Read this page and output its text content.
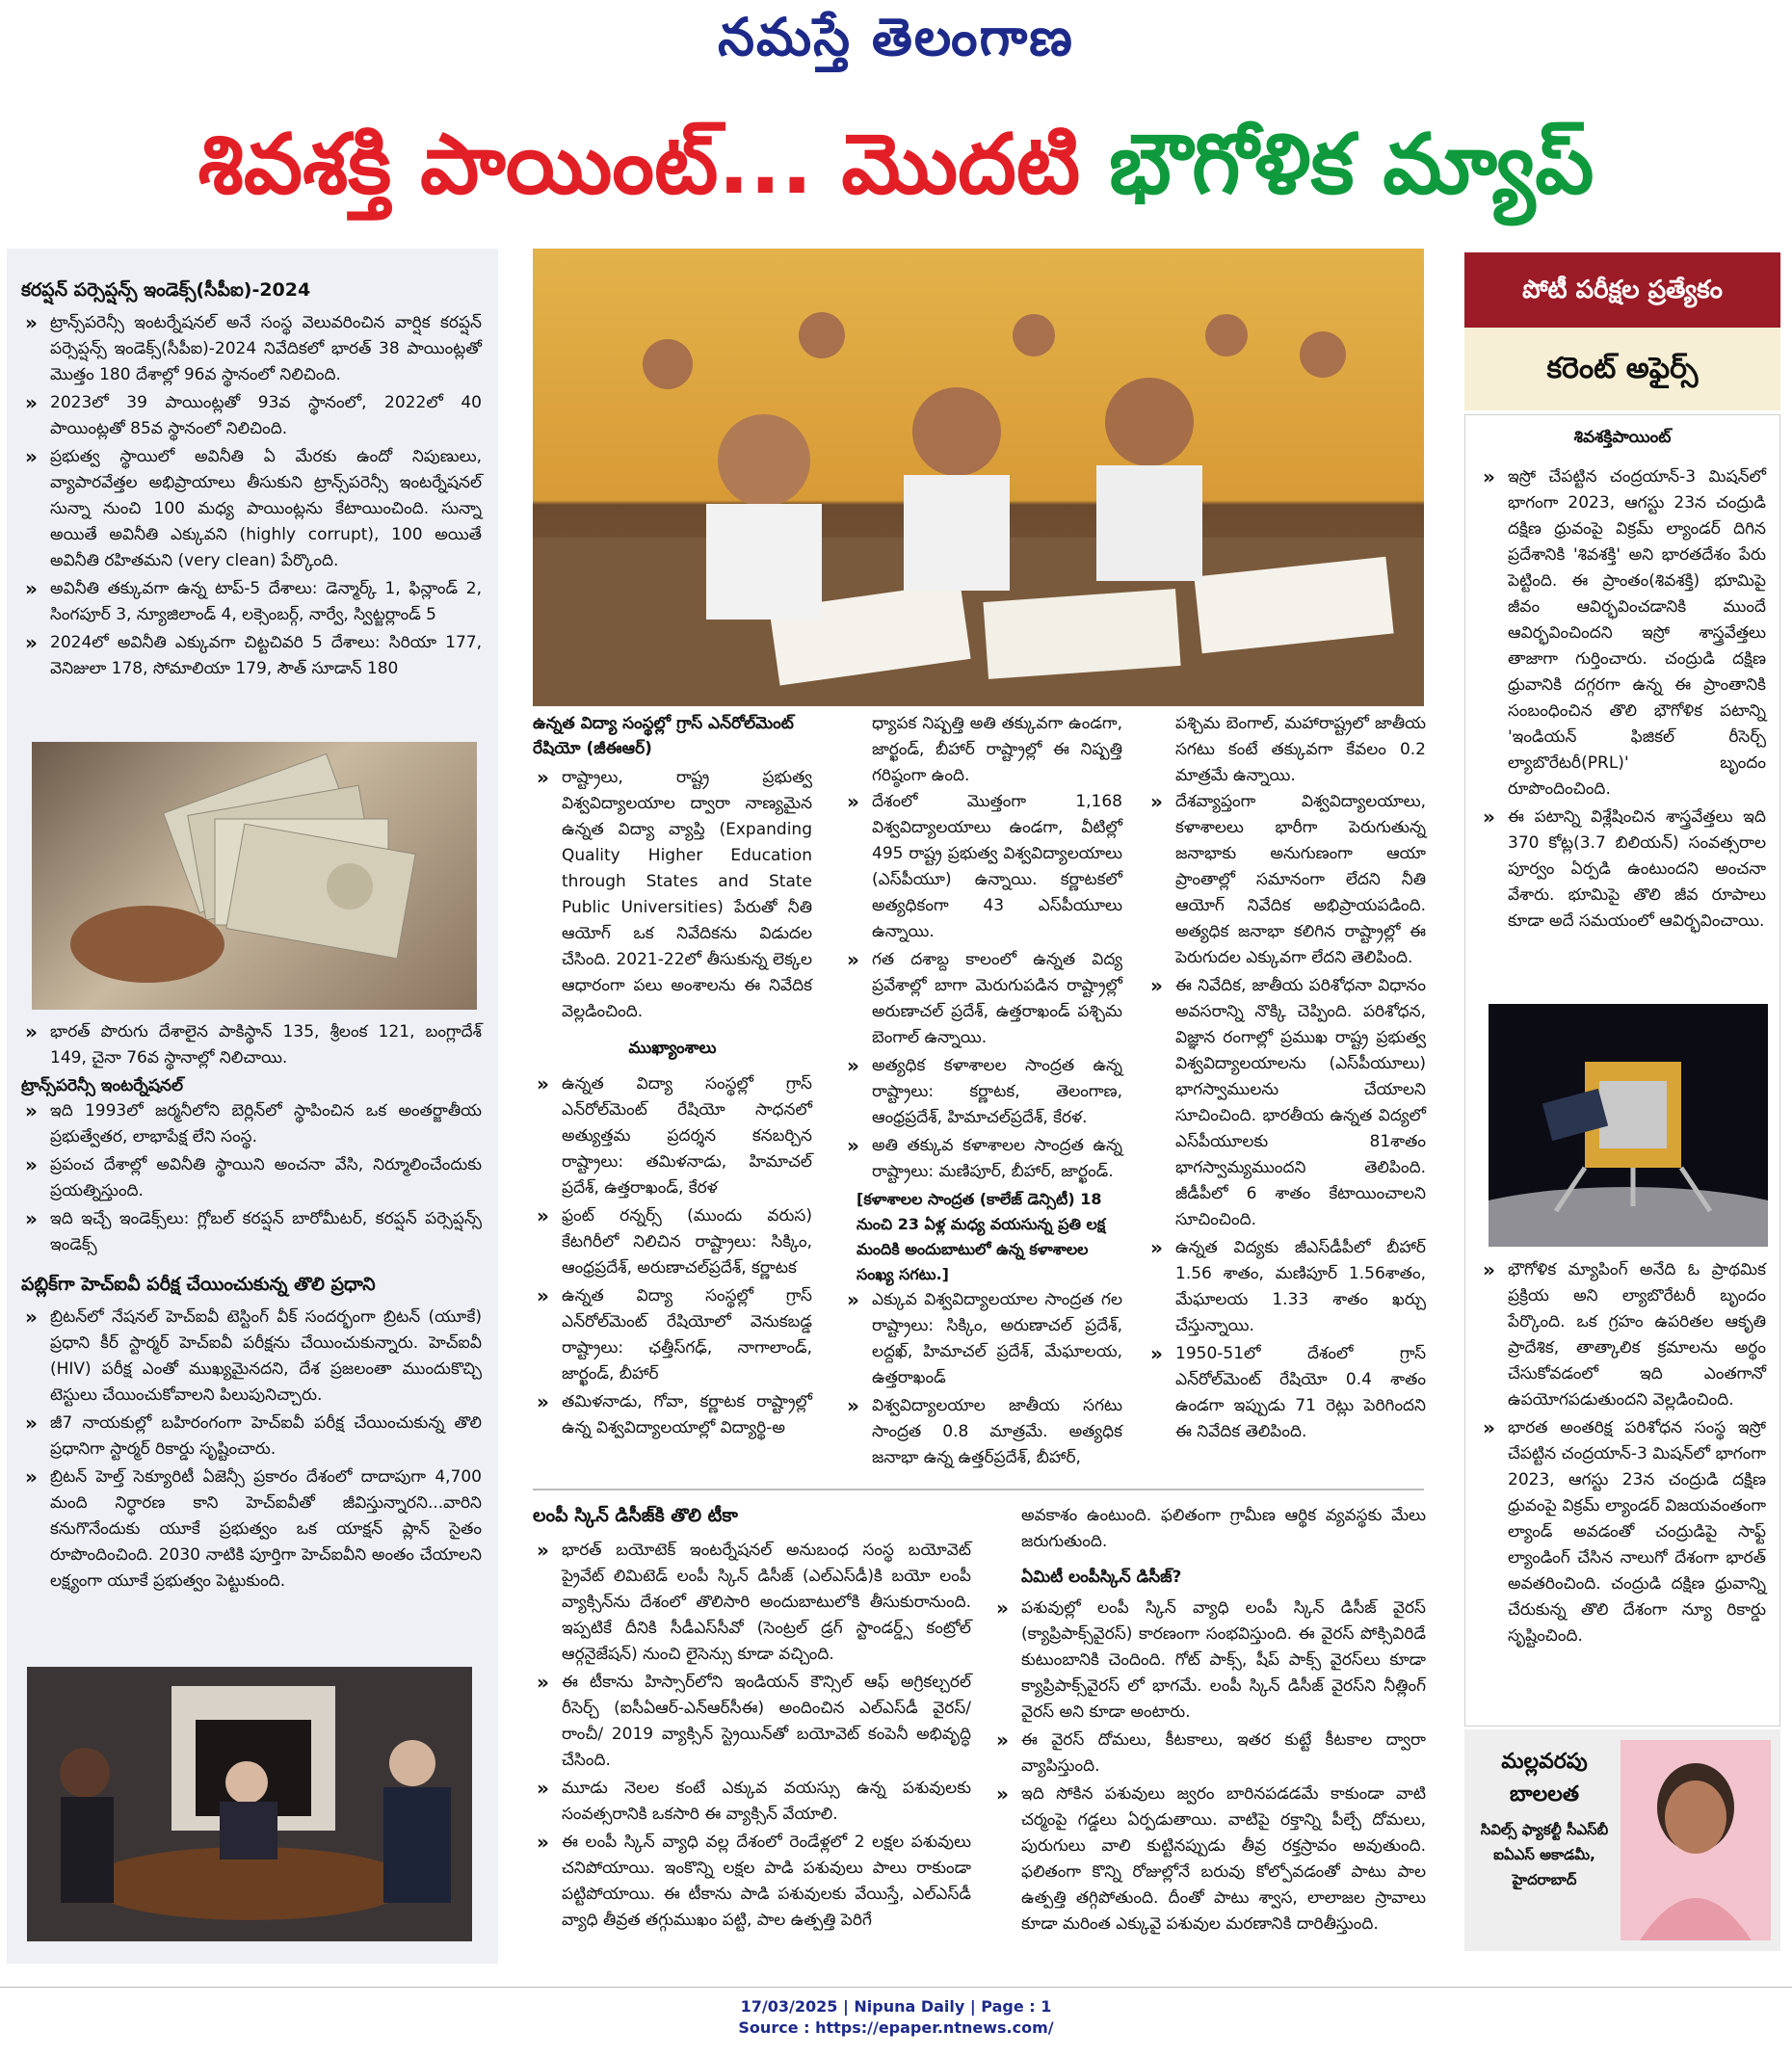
నమస్తే తెలంగాణ
శివశక్తి పాయింట్... మొదటి భౌగోళిక మ్యాప్
కరప్షన్ పర్సెప్షన్స్ ఇండెక్స్(సీపీఐ)-2024
» ట్రాన్స్‌పరెన్సీ ఇంటర్నేషనల్ అనే సంస్థ వెలువరించిన వార్షిక కరప్షన్ పర్సెప్షన్స్ ఇండెక్స్(సీపీఐ)-2024 నివేదికలో భారత్ 38 పాయింట్లతో మొత్తం 180 దేశాల్లో 96వ స్థానంలో నిలిచింది.
» 2023లో 39 పాయింట్లతో 93వ స్థానంలో, 2022లో 40 పాయింట్లతో 85వ స్థానంలో నిలిచింది.
» ప్రభుత్వ స్థాయిలో అవినీతి ఏ మేరకు ఉందో నిపుణులు, వ్యాపారవేత్తల అభిప్రాయాలు తీసుకుని ట్రాన్స్‌పరెన్సీ ఇంటర్నేషనల్ సున్నా నుంచి 100 మధ్య పాయింట్లను కేటాయించింది. సున్నా అయితే అవినీతి ఎక్కువని (highly corrupt), 100 అయితే అవినీతి రహితమని (very clean) పేర్కొంది.
» అవినీతి తక్కువగా ఉన్న టాప్-5 దేశాలు: డెన్మార్క్ 1, ఫిన్లాండ్ 2, సింగపూర్ 3, న్యూజిలాండ్ 4, లక్సెంబర్గ్, నార్వే, స్విట్జర్లాండ్ 5
» 2024లో అవినీతి ఎక్కువగా చిట్టచివరి 5 దేశాలు: సిరియా 177, వెనిజులా 178, సోమాలియా 179, సౌత్ సూడాన్ 180
» భారత్ పొరుగు దేశాలైన పాకిస్థాన్ 135, శ్రీలంక 121, బంగ్లాదేశ్ 149, చైనా 76వ స్థానాల్లో నిలిచాయి.
ట్రాన్స్‌పరెన్సీ ఇంటర్నేషనల్
» ఇది 1993లో జర్మనీలోని బెర్లిన్‌లో స్థాపించిన ఒక అంతర్జాతీయ ప్రభుత్వేతర, లాభాపేక్ష లేని సంస్థ.
» ప్రపంచ దేశాల్లో అవినీతి స్థాయిని అంచనా వేసి, నిర్మూలించేందుకు ప్రయత్నిస్తుంది.
» ఇది ఇచ్చే ఇండెక్స్‌లు: గ్లోబల్ కరప్షన్ బారోమీటర్, కరప్షన్ పర్సెప్షన్స్ ఇండెక్స్
పబ్లిక్‌గా హెచ్‌ఐవీ పరీక్ష చేయించుకున్న తొలి ప్రధాని
» బ్రిటన్‌లో నేషనల్ హెచ్‌ఐవీ టెస్టింగ్ వీక్ సందర్భంగా బ్రిటన్ (యూకే) ప్రధాని కీర్ స్టార్మర్ హెచ్‌ఐవీ పరీక్షను చేయించుకున్నారు. హెచ్‌ఐవీ (HIV) పరీక్ష ఎంతో ముఖ్యమైనదని, దేశ ప్రజలంతా ముందుకొచ్చి టెస్టులు చేయించుకోవాలని పిలుపునిచ్చారు.
» జీ7 నాయకుల్లో బహిరంగంగా హెచ్‌ఐవీ పరీక్ష చేయించుకున్న తొలి ప్రధానిగా స్టార్మర్ రికార్డు సృష్టించారు.
» బ్రిటన్ హెల్త్ సెక్యూరిటీ ఏజెన్సీ ప్రకారం దేశంలో దాదాపుగా 4,700 మంది నిర్ధారణ కాని హెచ్‌ఐవీతో జీవిస్తున్నారని...వారిని కనుగొనేందుకు యూకే ప్రభుత్వం ఒక యాక్షన్ ప్లాన్ సైతం రూపొందించింది. 2030 నాటికి పూర్తిగా హెచ్‌ఐవీని అంతం చేయాలని లక్ష్యంగా యూకే ప్రభుత్వం పెట్టుకుంది.
ఉన్నత విద్యా సంస్థల్లో గ్రాస్ ఎన్‌రోల్‌మెంట్ రేషియో (జీఈఆర్)
» రాష్ట్రాలు, రాష్ట్ర ప్రభుత్వ విశ్వవిద్యాలయాల ద్వారా నాణ్యమైన ఉన్నత విద్యా వ్యాప్తి (Expanding Quality Higher Education through States and State Public Universities) పేరుతో నీతి ఆయోగ్ ఒక నివేదికను విడుదల చేసింది. 2021-22లో తీసుకున్న లెక్కల ఆధారంగా పలు అంశాలను ఈ నివేదిక వెల్లడించింది.
ముఖ్యాంశాలు
» ఉన్నత విద్యా సంస్థల్లో గ్రాస్ ఎన్‌రోల్‌మెంట్ రేషియో సాధనలో అత్యుత్తమ ప్రదర్శన కనబర్చిన రాష్ట్రాలు: తమిళనాడు, హిమాచల్ ప్రదేశ్, ఉత్తరాఖండ్, కేరళ
» ఫ్రంట్ రన్నర్స్ (ముందు వరుస) కేటగిరీలో నిలిచిన రాష్ట్రాలు: సిక్కిం, ఆంధ్రప్రదేశ్, అరుణాచల్‌ప్రదేశ్, కర్ణాటక
» ఉన్నత విద్యా సంస్థల్లో గ్రాస్ ఎన్‌రోల్‌మెంట్ రేషియోలో వెనుకబడ్డ రాష్ట్రాలు: ఛత్తీస్‌గఢ్, నాగాలాండ్, జార్ఖండ్, బీహార్
» తమిళనాడు, గోవా, కర్ణాటక రాష్ట్రాల్లో ఉన్న విశ్వవిద్యాలయాల్లో విద్యార్థి-అ
ధ్యాపక నిష్పత్తి అతి తక్కువగా ఉండగా, జార్ఖండ్, బీహార్ రాష్ట్రాల్లో ఈ నిష్పత్తి గరిష్ఠంగా ఉంది.
» దేశంలో మొత్తంగా 1,168 విశ్వవిద్యాలయాలు ఉండగా, వీటిల్లో 495 రాష్ట్ర ప్రభుత్వ విశ్వవిద్యాలయాలు (ఎస్‌పీయూ) ఉన్నాయి. కర్ణాటకలో అత్యధికంగా 43 ఎస్‌పీయూలు ఉన్నాయి.
» గత దశాబ్ద కాలంలో ఉన్నత విద్య ప్రవేశాల్లో బాగా మెరుగుపడిన రాష్ట్రాల్లో అరుణాచల్ ప్రదేశ్, ఉత్తరాఖండ్ పశ్చిమ బెంగాల్ ఉన్నాయి.
» అత్యధిక కళాశాలల సాంద్రత ఉన్న రాష్ట్రాలు: కర్ణాటక, తెలంగాణ, ఆంధ్రప్రదేశ్, హిమాచల్‌ప్రదేశ్, కేరళ.
» అతి తక్కువ కళాశాలల సాంద్రత ఉన్న రాష్ట్రాలు: మణిపూర్, బీహార్, జార్ఖండ్.
[కళాశాలల సాంద్రత (కాలేజ్ డెన్సిటీ) 18 నుంచి 23 ఏళ్ల మధ్య వయసున్న ప్రతి లక్ష మందికి అందుబాటులో ఉన్న కళాశాలల సంఖ్య సగటు.]
» ఎక్కువ విశ్వవిద్యాలయాల సాంద్రత గల రాష్ట్రాలు: సిక్కిం, అరుణాచల్ ప్రదేశ్, లద్దఖ్, హిమాచల్ ప్రదేశ్, మేఘాలయ, ఉత్తరాఖండ్
» విశ్వవిద్యాలయాల జాతీయ సగటు సాంద్రత 0.8 మాత్రమే. అత్యధిక జనాభా ఉన్న ఉత్తర్‌ప్రదేశ్, బీహార్,
పశ్చిమ బెంగాల్, మహారాష్ట్రలో జాతీయ సగటు కంటే తక్కువగా కేవలం 0.2 మాత్రమే ఉన్నాయి.
» దేశవ్యాప్తంగా విశ్వవిద్యాలయాలు, కళాశాలలు భారీగా పెరుగుతున్న జనాభాకు అనుగుణంగా ఆయా ప్రాంతాల్లో సమానంగా లేదని నీతి ఆయోగ్ నివేదిక అభిప్రాయపడింది. అత్యధిక జనాభా కలిగిన రాష్ట్రాల్లో ఈ పెరుగుదల ఎక్కువగా లేదని తెలిపింది.
» ఈ నివేదిక, జాతీయ పరిశోధనా విధానం అవసరాన్ని నొక్కి చెప్పింది. పరిశోధన, విజ్ఞాన రంగాల్లో ప్రముఖ రాష్ట్ర ప్రభుత్వ విశ్వవిద్యాలయాలను (ఎస్‌పీయూలు) భాగస్వాములను చేయాలని సూచించింది. భారతీయ ఉన్నత విద్యలో ఎస్‌పీయూలకు 81శాతం భాగస్వామ్యముందని తెలిపింది. జీడీపీలో 6 శాతం కేటాయించాలని సూచించింది.
» ఉన్నత విద్యకు జీఎస్‌డీపీలో బీహార్ 1.56 శాతం, మణిపూర్ 1.56శాతం, మేఘాలయ 1.33 శాతం ఖర్చు చేస్తున్నాయి.
» 1950-51లో దేశంలో గ్రాస్ ఎన్‌రోల్‌మెంట్ రేషియో 0.4 శాతం ఉండగా ఇప్పుడు 71 రెట్లు పెరిగిందని ఈ నివేదిక తెలిపింది.
లంపీ స్కిన్ డిసీజ్‌కి తొలి టీకా
» భారత్ బయోటెక్ ఇంటర్నేషనల్ అనుబంధ సంస్థ బయోవెట్ ప్రైవేట్ లిమిటెడ్ లంపీ స్కిన్ డిసీజ్ (ఎల్‌ఎస్‌డీ)కి బయో లంపీ వ్యాక్సిన్‌ను దేశంలో తొలిసారి అందుబాటులోకి తీసుకురానుంది. ఇప్పటికే దీనికి సీడీఎస్‌సీవో (సెంట్రల్ డ్రగ్ స్టాండర్డ్స్ కంట్రోల్ ఆర్గనైజేషన్) నుంచి లైసెన్సు కూడా వచ్చింది.
» ఈ టీకాను హిస్సార్‌లోని ఇండియన్ కౌన్సిల్ ఆఫ్ అగ్రికల్చరల్ రీసెర్చ్ (ఐసీఏఆర్-ఎన్ఆర్‌సీఈ) అందించిన ఎల్‌ఎస్‌డీ వైరస్/రాంచీ/ 2019 వ్యాక్సిన్ స్ట్రెయిన్‌తో బయోవెట్ కంపెనీ అభివృద్ధి చేసింది.
» మూడు నెలల కంటే ఎక్కువ వయస్సు ఉన్న పశువులకు సంవత్సరానికి ఒకసారి ఈ వ్యాక్సిన్ వేయాలి.
» ఈ లంపీ స్కిన్ వ్యాధి వల్ల దేశంలో రెండేళ్లలో 2 లక్షల పశువులు చనిపోయాయి. ఇంకొన్ని లక్షల పాడి పశువులు పాలు రాకుండా పట్టిపోయాయి. ఈ టీకాను పాడి పశువులకు వేయిస్తే, ఎల్‌ఎస్‌డీ వ్యాధి తీవ్రత తగ్గుముఖం పట్టి, పాల ఉత్పత్తి పెరిగే
అవకాశం ఉంటుంది. ఫలితంగా గ్రామీణ ఆర్థిక వ్యవస్థకు మేలు జరుగుతుంది.
ఏమిటీ లంపీస్కిన్ డిసీజ్?
» పశువుల్లో లంపీ స్కిన్ వ్యాధి లంపీ స్కిన్ డిసీజ్ వైరస్ (క్యాప్రిపాక్స్‌వైరస్) కారణంగా సంభవిస్తుంది. ఈ వైరస్ పోక్సివిరిడే కుటుంబానికి చెందింది. గోట్ పాక్స్, షీప్ పాక్స్ వైరస్‌లు కూడా క్యాప్రిపాక్స్‌వైరస్ లో భాగమే. లంపీ స్కిన్ డిసీజ్ వైరస్‌ని నీత్లింగ్ వైరస్ అని కూడా అంటారు.
» ఈ వైరస్ దోమలు, కీటకాలు, ఇతర కుట్టే కీటకాల ద్వారా వ్యాపిస్తుంది.
» ఇది సోకిన పశువులు జ్వరం బారినపడడమే కాకుండా వాటి చర్మంపై గడ్డలు ఏర్పడుతాయి. వాటిపై రక్తాన్ని పీల్చే దోమలు, పురుగులు వాలి కుట్టినప్పుడు తీవ్ర రక్తస్రావం అవుతుంది. ఫలితంగా కొన్ని రోజుల్లోనే బరువు కోల్పోవడంతో పాటు పాల ఉత్పత్తి తగ్గిపోతుంది. దీంతో పాటు శ్వాస, లాలాజల స్రావాలు కూడా మరింత ఎక్కువై పశువుల మరణానికి దారితీస్తుంది.
పోటీ పరీక్షల ప్రత్యేకం
కరెంట్ అఫైర్స్
శివశక్తిపాయింట్
» ఇస్రో చేపట్టిన చంద్రయాన్-3 మిషన్‌లో భాగంగా 2023, ఆగస్టు 23న చంద్రుడి దక్షిణ ధ్రువంపై విక్రమ్ ల్యాండర్ దిగిన ప్రదేశానికి 'శివశక్తి' అని భారతదేశం పేరు పెట్టింది. ఈ ప్రాంతం(శివశక్తి) భూమిపై జీవం ఆవిర్భవించడానికి ముందే ఆవిర్భవించిందని ఇస్రో శాస్త్రవేత్తలు తాజాగా గుర్తించారు. చంద్రుడి దక్షిణ ధ్రువానికి దగ్గరగా ఉన్న ఈ ప్రాంతానికి సంబంధించిన తొలి భౌగోళిక పటాన్ని 'ఇండియన్ ఫిజికల్ రీసెర్చ్ ల్యాబొరేటరీ(PRL)' బృందం రూపొందించింది.
» ఈ పటాన్ని విశ్లేషించిన శాస్త్రవేత్తలు ఇది 370 కోట్ల(3.7 బిలియన్) సంవత్సరాల పూర్వం ఏర్పడి ఉంటుందని అంచనా వేశారు. భూమిపై తొలి జీవ రూపాలు కూడా అదే సమయంలో ఆవిర్భవించాయి.
» భౌగోళిక మ్యాపింగ్ అనేది ఓ ప్రాథమిక ప్రక్రియ అని ల్యాబొరేటరీ బృందం పేర్కొంది. ఒక గ్రహం ఉపరితల ఆకృతి ప్రాదేశిక, తాత్కాలిక క్రమాలను అర్థం చేసుకోవడంలో ఇది ఎంతగానో ఉపయోగపడుతుందని వెల్లడించింది.
» భారత అంతరిక్ష పరిశోధన సంస్థ ఇస్రో చేపట్టిన చంద్రయాన్-3 మిషన్‌లో భాగంగా 2023, ఆగస్టు 23న చంద్రుడి దక్షిణ ధ్రువంపై విక్రమ్ ల్యాండర్ విజయవంతంగా ల్యాండ్ అవడంతో చంద్రుడిపై సాఫ్ట్ ల్యాండింగ్ చేసిన నాలుగో దేశంగా భారత్ అవతరించింది. చంద్రుడి దక్షిణ ధ్రువాన్ని చేరుకున్న తొలి దేశంగా న్యూ రికార్డు సృష్టించింది.
మల్లవరపు
బాలలత
సివిల్స్ ఫ్యాకల్టీ సీఎస్‌బీ ఐఏఎస్ అకాడమీ, హైదరాబాద్
17/03/2025 | Nipuna Daily | Page : 1
Source : https://epaper.ntnews.com/
